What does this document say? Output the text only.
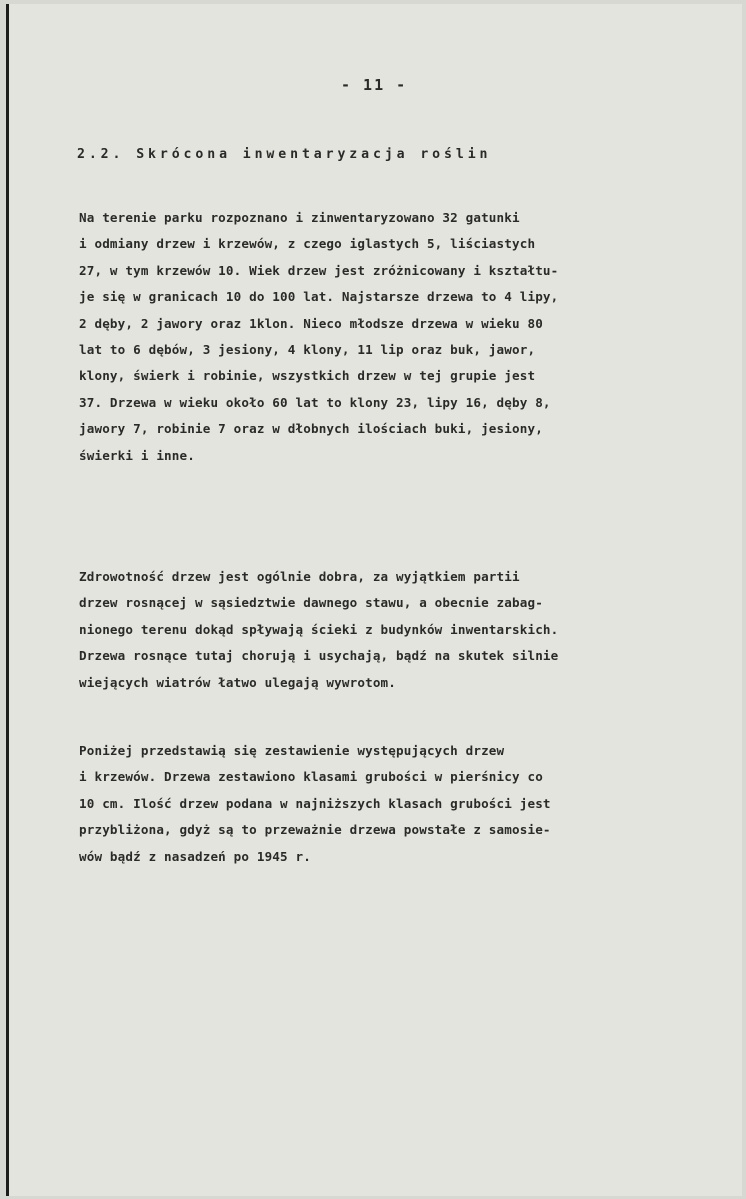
- 11 -
2.2. Skrócona inwentaryzacja roślin
Na terenie parku rozpoznano i zinwentaryzowano 32 gatunki
i odmiany drzew i krzewów, z czego iglastych 5, liściastych
27, w tym krzewów 10. Wiek drzew jest zróżnicowany i kształtu-
je się w granicach 10 do 100 lat. Najstarsze drzewa to 4 lipy,
2 dęby, 2 jawory oraz 1klon. Nieco młodsze drzewa w wieku 80
lat to 6 dębów, 3 jesiony, 4 klony, 11 lip oraz buk, jawor,
klony, świerk i robinie, wszystkich drzew w tej grupie jest
37. Drzewa w wieku około 60 lat to klony 23, lipy 16, dęby 8,
jawory 7, robinie 7 oraz w dłobnych ilościach buki, jesiony,
świerki i inne.
Zdrowotność drzew jest ogólnie dobra, za wyjątkiem partii
drzew rosnącej w sąsiedztwie dawnego stawu, a obecnie zabag-
nionego terenu dokąd spływają ścieki z budynków inwentarskich.
Drzewa rosnące tutaj chorują i usychają, bądź na skutek silnie
wiejących wiatrów łatwo ulegają wywrotom.
Poniżej przedstawią się zestawienie występujących drzew
i krzewów. Drzewa zestawiono klasami grubości w pierśnicy co
10 cm. Ilość drzew podana w najniższych klasach grubości jest
przybliżona, gdyż są to przeważnie drzewa powstałe z samosie-
wów bądź z nasadzeń po 1945 r.
